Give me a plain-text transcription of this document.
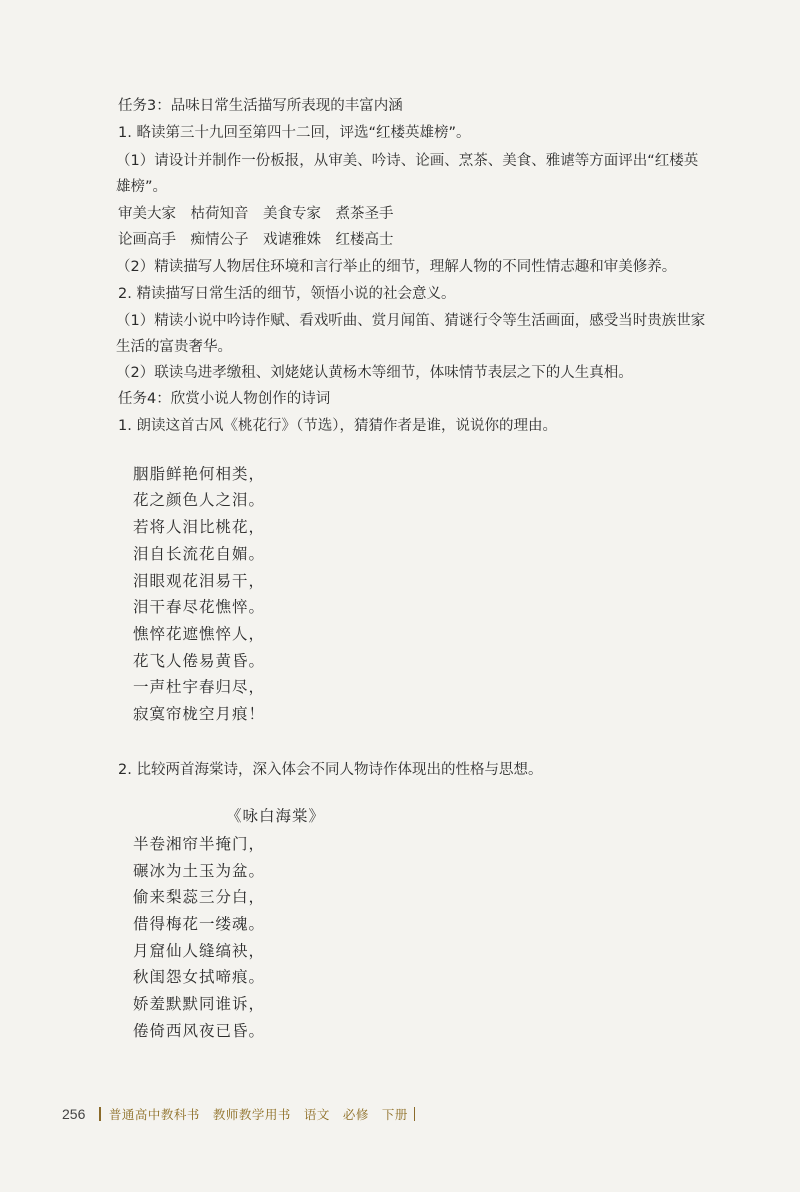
任务3：品味日常生活描写所表现的丰富内涵
1. 略读第三十九回至第四十二回，评选“红楼英雄榜”。
（1）请设计并制作一份板报，从审美、吟诗、论画、烹茶、美食、雅谑等方面评出“红楼英
雄榜”。
审美大家　枯荷知音　美食专家　煮茶圣手
论画高手　痴情公子　戏谑雅姝　红楼高士
（2）精读描写人物居住环境和言行举止的细节，理解人物的不同性情志趣和审美修养。
2. 精读描写日常生活的细节，领悟小说的社会意义。
（1）精读小说中吟诗作赋、看戏听曲、赏月闻笛、猜谜行令等生活画面，感受当时贵族世家
生活的富贵奢华。
（2）联读乌进孝缴租、刘姥姥认黄杨木等细节，体味情节表层之下的人生真相。
任务4：欣赏小说人物创作的诗词
1. 朗读这首古风《桃花行》（节选），猜猜作者是谁，说说你的理由。
胭脂鲜艳何相类，
花之颜色人之泪。
若将人泪比桃花，
泪自长流花自媚。
泪眼观花泪易干，
泪干春尽花憔悴。
憔悴花遮憔悴人，
花飞人倦易黄昏。
一声杜宇春归尽，
寂寞帘栊空月痕！
2. 比较两首海棠诗，深入体会不同人物诗作体现出的性格与思想。
《咏白海棠》
半卷湘帘半掩门，
碾冰为土玉为盆。
偷来梨蕊三分白，
借得梅花一缕魂。
月窟仙人缝缟袂，
秋闺怨女拭啼痕。
娇羞默默同谁诉，
倦倚西风夜已昏。
256 普通高中教科书　教师教学用书　语文　必修　下册
